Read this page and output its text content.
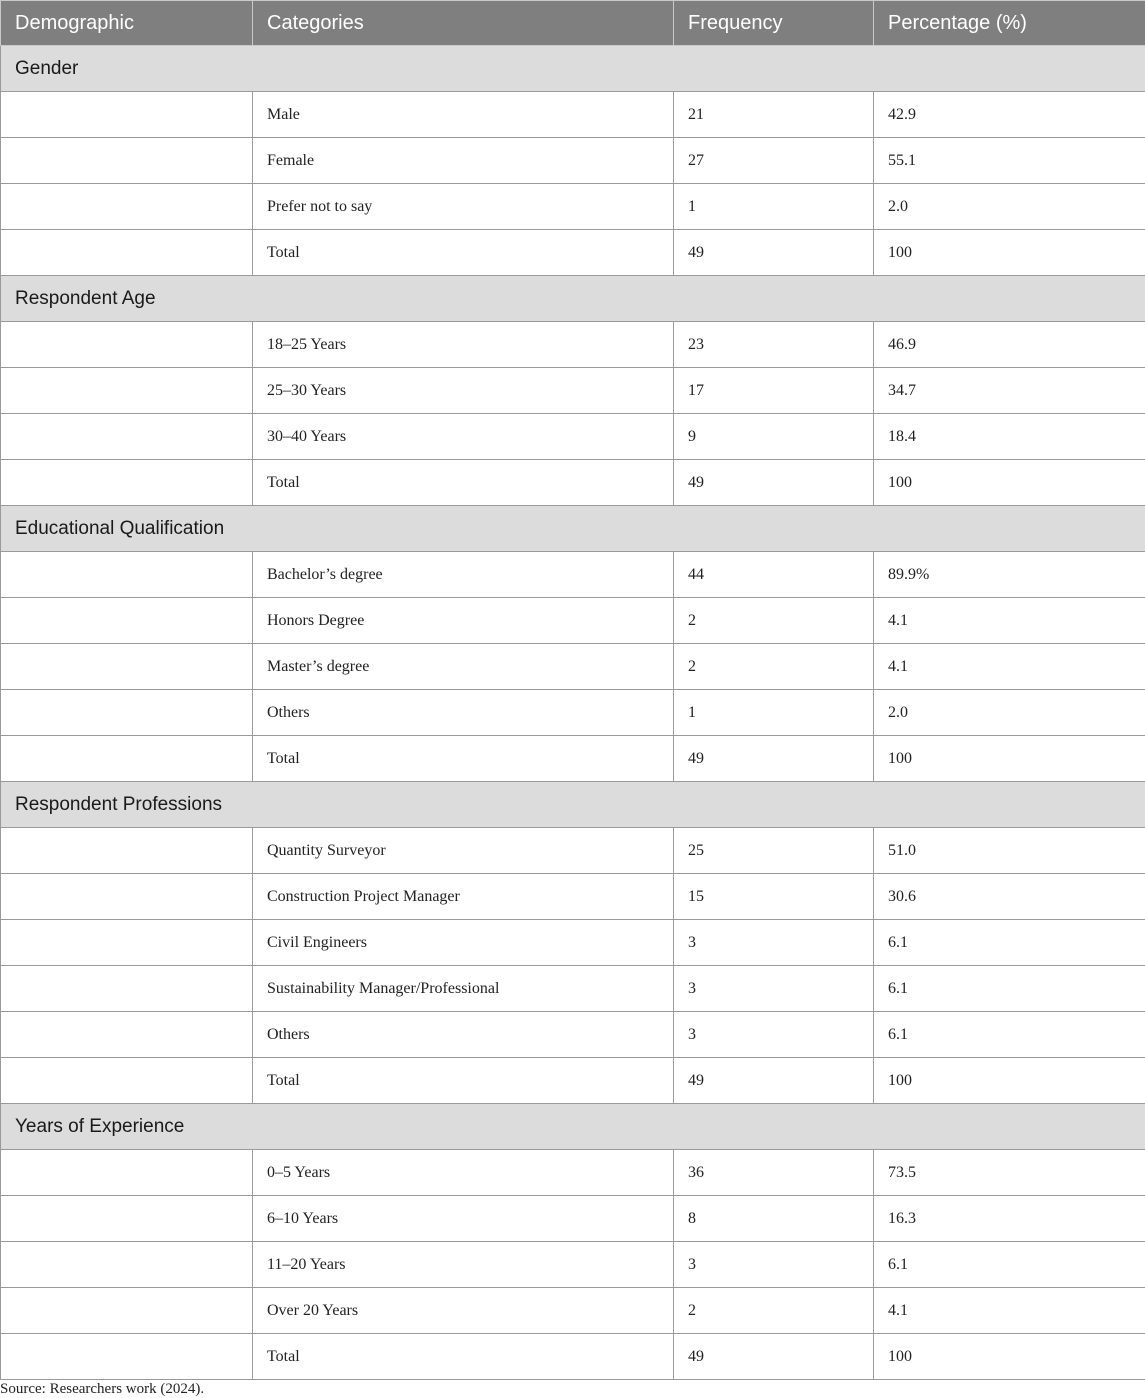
Demographic	Categories	Frequency	Percentage (%)
Gender			
	Male	21	42.9
	Female	27	55.1
	Prefer not to say	1	2.0
	Total	49	100
Respondent Age			
	18–25 Years	23	46.9
	25–30 Years	17	34.7
	30–40 Years	9	18.4
	Total	49	100
Educational Qualification			
	Bachelor’s degree	44	89.9%
	Honors Degree	2	4.1
	Master’s degree	2	4.1
	Others	1	2.0
	Total	49	100
Respondent Professions			
	Quantity Surveyor	25	51.0
	Construction Project Manager	15	30.6
	Civil Engineers	3	6.1
	Sustainability Manager/Professional	3	6.1
	Others	3	6.1
	Total	49	100
Years of Experience			
	0–5 Years	36	73.5
	6–10 Years	8	16.3
	11–20 Years	3	6.1
	Over 20 Years	2	4.1
	Total	49	100

Source: Researchers work (2024).
